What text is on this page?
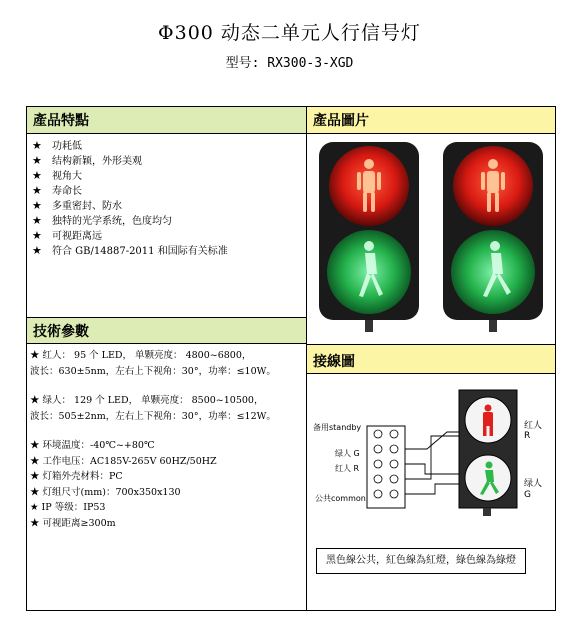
Φ300 动态二单元人行信号灯
型号: RX300-3-XGD
產品特點	產品圖片
★ 功耗低
★ 结构新颖，外形美观
★ 视角大
★ 寿命长
★ 多重密封、防水
★ 独特的光学系统，色度均匀
★ 可视距离远
★ 符合 GB/14887-2011 和国际有关标准
技術參數

★ 红人： 95 个 LED， 单颗亮度： 4800~6800，

波长：630±5nm，左右上下视角：30°，功率：≤10W。

★ 绿人： 129 个 LED， 单颗亮度： 8500~10500，

波长：505±2nm，左右上下视角：30°，功率：≤12W。

★ 环境温度：-40℃~+80℃

★ 工作电压：AC185V-265V 60HZ/50HZ

★ 灯箱外壳材料：PC

★ 灯组尺寸(mm)：700x350x130

★ IP 等级：IP53

★ 可视距离≥300m

接線圖
备用standby
绿人 G
红人 R
公共common
红人
R
绿人
G
黑色線公共，紅色線為紅燈，綠色線為綠燈
